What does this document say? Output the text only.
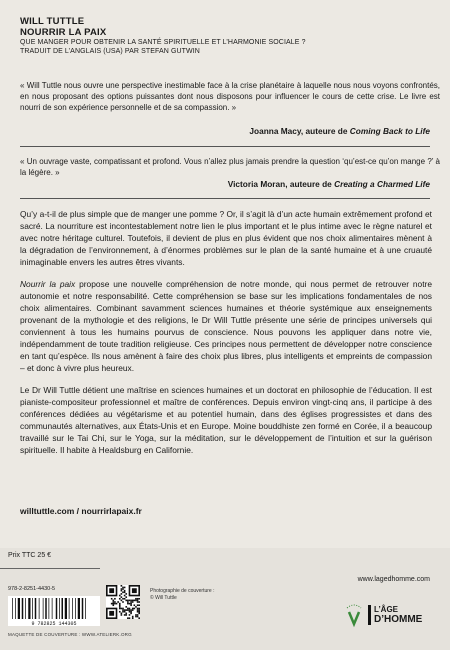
WILL TUTTLE
NOURRIR LA PAIX
QUE MANGER POUR OBTENIR LA SANTÉ SPIRITUELLE ET L’HARMONIE SOCIALE ?
TRADUIT DE L’ANGLAIS (USA) PAR STEFAN GUTWIN
« Will Tuttle nous ouvre une perspective inestimable face à la crise planétaire à laquelle nous nous voyons confrontés, en nous proposant des options puissantes dont nous disposons pour influencer le cours de cette crise. Le livre est nourri de son expérience personnelle et de sa compassion. »
Joanna Macy, auteure de Coming Back to Life
« Un ouvrage vaste, compatissant et profond. Vous n’allez plus jamais prendre la question ‘qu’est-ce qu’on mange ?’ à la légère. »
Victoria Moran, auteure de Creating a Charmed Life

Qu’y a-t-il de plus simple que de manger une pomme ? Or, il s’agit là d’un acte humain extrêmement profond et sacré. La nourriture est incontestablement notre lien le plus important et le plus intime avec le règne naturel et avec notre héritage culturel. Toutefois, il devient de plus en plus évident que nos choix alimentaires mènent à la dégradation de l’environnement, à d’énormes problèmes sur le plan de la santé humaine et à une cruauté inimaginable envers les autres êtres vivants.

Nourrir la paix propose une nouvelle compréhension de notre monde, qui nous permet de retrouver notre autonomie et notre responsabilité. Cette compréhension se base sur les implications fondamentales de nos choix alimentaires. Combinant savamment sciences humaines et théorie systémique aux enseignements provenant de la mythologie et des religions, le Dr Will Tuttle présente une série de principes universels qui conviennent à tous les humains pourvus de conscience. Nous pouvons les appliquer dans notre vie, indépendamment de toute tradition religieuse. Ces principes nous permettent de développer notre conscience en tant qu’espèce. Ils nous amènent à faire des choix plus libres, plus intelligents et empreints de compassion – et donc à vivre plus heureux.

Le Dr Will Tuttle détient une maîtrise en sciences humaines et un doctorat en philosophie de l’éducation. Il est pianiste-compositeur professionnel et maître de conférences. Depuis environ vingt-cinq ans, il participe à des conférences dédiées au végétarisme et au potentiel humain, dans des églises progressistes et dans des communautés alternatives, aux États-Unis et en Europe. Moine bouddhiste zen formé en Corée, il a beaucoup travaillé sur le Tai Chi, sur le Yoga, sur la méditation, sur le développement de l’intuition et sur la guérison spirituelle. Il habite à Healdsburg en Californie.

willtuttle.com / nourrirlapaix.fr
Prix TTC 25 €
978-2-8251-4430-5
9 782825 144305
Photographie de couverture :
© Will Tuttle
MAQUETTE DE COUVERTURE : WWW.ATELIERK.ORG
www.lagedhomme.com
L’ÂGE
D’HOMME
